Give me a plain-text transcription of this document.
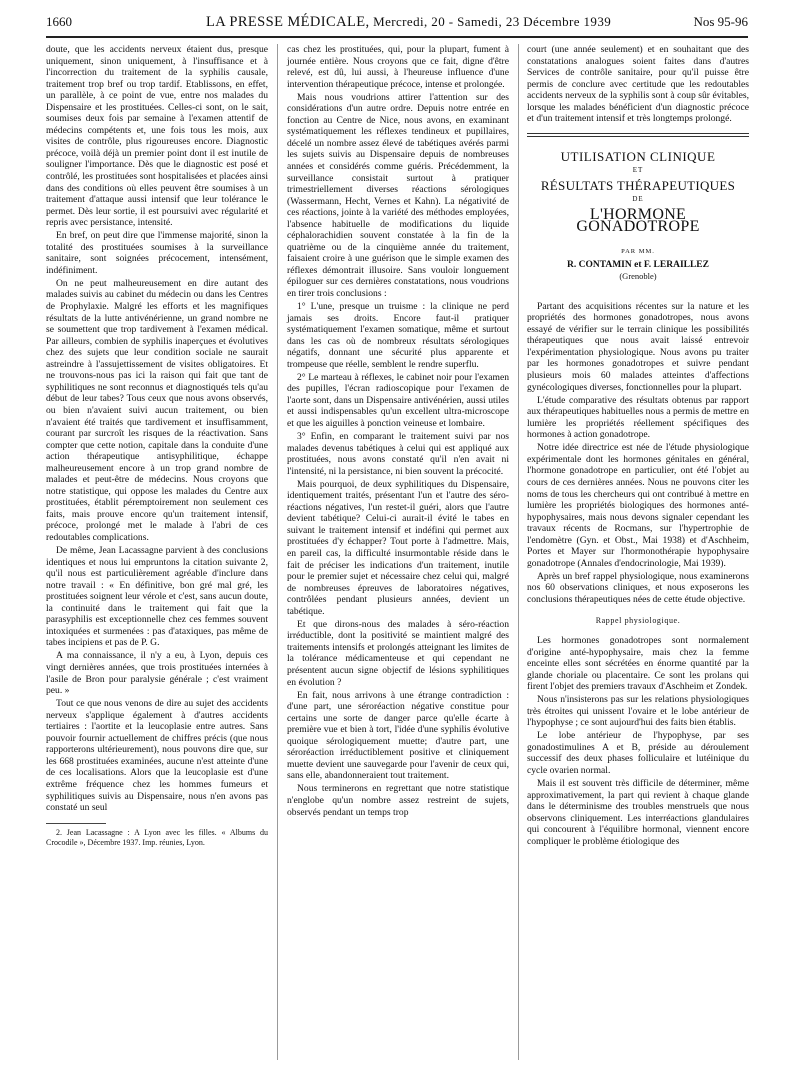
1660	LA PRESSE MÉDICALE, Mercredi, 20 - Samedi, 23 Décembre 1939	Nos 95-96

doute, que les accidents nerveux étaient dus, presque uniquement, sinon uniquement, à l'insuffisance et à l'incorrection du traitement de la syphilis causale, traitement trop bref ou trop tardif. Etablissons, en effet, un parallèle, à ce point de vue, entre nos malades du Dispensaire et les prostituées. Celles-ci sont, on le sait, soumises deux fois par semaine à l'examen attentif de médecins compétents et, une fois tous les mois, aux visites de contrôle, plus rigoureuses encore. Diagnostic précoce, voilà déjà un premier point dont il est inutile de souligner l'importance. Dès que le diagnostic est posé et contrôlé, les prostituées sont hospitalisées et placées ainsi dans des conditions où elles peuvent être soumises à un traitement d'attaque aussi intensif que leur tolérance le permet. Dès leur sortie, il est poursuivi avec régularité et repris avec persistance, intensité.

En bref, on peut dire que l'immense majorité, sinon la totalité des prostituées soumises à la surveillance sanitaire, sont soignées précocement, intensément, indéfiniment.

On ne peut malheureusement en dire autant des malades suivis au cabinet du médecin ou dans les Centres de Prophylaxie. Malgré les efforts et les magnifiques résultats de la lutte antivénérienne, un grand nombre ne se soumettent que trop tardivement à l'examen médical. Par ailleurs, combien de syphilis inaperçues et évolutives chez des sujets que leur condition sociale ne saurait astreindre à l'assujettissement de visites obligatoires. Et ne trouvons-nous pas ici la raison qui fait que tant de syphilitiques ne sont reconnus et diagnostiqués tels qu'au début de leur tabes? Tous ceux que nous avons observés, ou bien n'avaient suivi aucun traitement, ou bien n'avaient été traités que tardivement et insuffisamment, courant par surcroît les risques de la réactivation. Sans compter que cette notion, capitale dans la conduite d'une action thérapeutique antisyphilitique, échappe malheureusement encore à un trop grand nombre de malades et peut-être de médecins. Nous croyons que notre statistique, qui oppose les malades du Centre aux prostituées, établit péremptoirement non seulement ces faits, mais prouve encore qu'un traitement intensif, précoce, prolongé met le malade à l'abri de ces redoutables complications.

De même, Jean Lacassagne parvient à des conclusions identiques et nous lui empruntons la citation suivante 2, qu'il nous est particulièrement agréable d'inclure dans notre travail : « En définitive, bon gré mal gré, les prostituées soignent leur vérole et c'est, sans aucun doute, la continuité dans le traitement qui fait que la parasyphilis est exceptionnelle chez ces femmes souvent intoxiquées et surmenées : pas d'ataxiques, pas même de tabes incipiens et pas de P. G.

A ma connaissance, il n'y a eu, à Lyon, depuis ces vingt dernières années, que trois prostituées internées à l'asile de Bron pour paralysie générale ; c'est vraiment peu. »

Tout ce que nous venons de dire au sujet des accidents nerveux s'applique également à d'autres accidents tertiaires : l'aortite et la leucoplasie entre autres. Sans pouvoir fournir actuellement de chiffres précis (que nous rapporterons ultérieurement), nous pouvons dire que, sur les 668 prostituées examinées, aucune n'est atteinte d'une de ces localisations. Alors que la leucoplasie est d'une extrême fréquence chez les hommes fumeurs et syphilitiques suivis au Dispensaire, nous n'en avons pas constaté un seul

2. Jean Lacassagne : A Lyon avec les filles. « Albums du Crocodile », Décembre 1937. Imp. réunies, Lyon.

cas chez les prostituées, qui, pour la plupart, fument à journée entière. Nous croyons que ce fait, digne d'être relevé, est dû, lui aussi, à l'heureuse influence d'une intervention thérapeutique précoce, intense et prolongée.

Mais nous voudrions attirer l'attention sur des considérations d'un autre ordre. Depuis notre entrée en fonction au Centre de Nice, nous avons, en examinant systématiquement les réflexes tendineux et pupillaires, décelé un nombre assez élevé de tabétiques avérés parmi les sujets suivis au Dispensaire depuis de nombreuses années et considérés comme guéris. Précédemment, la surveillance consistait surtout à pratiquer trimestriellement diverses réactions sérologiques (Wassermann, Hecht, Vernes et Kahn). La négativité de ces réactions, jointe à la variété des méthodes employées, l'absence habituelle de modifications du liquide céphalorachidien souvent constatée à la fin de la quatrième ou de la cinquième année du traitement, faisaient croire à une guérison que le simple examen des réflexes démontrait illusoire. Sans vouloir longuement épiloguer sur ces dernières constatations, nous voudrions en tirer trois conclusions :

1° L'une, presque un truisme : la clinique ne perd jamais ses droits. Encore faut-il pratiquer systématiquement l'examen somatique, même et surtout dans les cas où de nombreux résultats sérologiques négatifs, donnant une sécurité plus apparente et trompeuse que réelle, semblent le rendre superflu.

2° Le marteau à réflexes, le cabinet noir pour l'examen des pupilles, l'écran radioscopique pour l'examen de l'aorte sont, dans un Dispensaire antivénérien, aussi utiles et aussi indispensables qu'un excellent ultra-microscope et que les aiguilles à ponction veineuse et lombaire.

3° Enfin, en comparant le traitement suivi par nos malades devenus tabétiques à celui qui est appliqué aux prostituées, nous avons constaté qu'il n'en avait ni l'intensité, ni la persistance, ni bien souvent la précocité.

Mais pourquoi, de deux syphilitiques du Dispensaire, identiquement traités, présentant l'un et l'autre des séro-réactions négatives, l'un restet-il guéri, alors que l'autre devient tabétique? Celui-ci aurait-il évité le tabes en suivant le traitement intensif et indéfini qui permet aux prostituées d'y échapper? Tout porte à l'admettre. Mais, en pareil cas, la difficulté insurmontable réside dans le fait de préciser les indications d'un traitement, inutile pour le premier sujet et nécessaire chez celui qui, malgré de nombreuses épreuves de laboratoires négatives, contrôlées pendant plusieurs années, devient un tabétique.

Et que dirons-nous des malades à séro-réaction irréductible, dont la positivité se maintient malgré des traitements intensifs et prolongés atteignant les limites de la tolérance médicamenteuse et qui cependant ne présentent aucun signe objectif de lésions syphilitiques en évolution ?

En fait, nous arrivons à une étrange contradiction : d'une part, une séroréaction négative constitue pour certains une sorte de danger parce qu'elle écarte à première vue et bien à tort, l'idée d'une syphilis évolutive quoique sérologiquement muette; d'autre part, une séroréaction irréductiblement positive et cliniquement muette devient une sauvegarde pour l'avenir de ceux qui, sans elle, abandonneraient tout traitement.

Nous terminerons en regrettant que notre statistique n'englobe qu'un nombre assez restreint de sujets, observés pendant un temps trop

court (une année seulement) et en souhaitant que des constatations analogues soient faites dans d'autres Services de contrôle sanitaire, pour qu'il puisse être permis de conclure avec certitude que les redoutables accidents nerveux de la syphilis sont à coup sûr évitables, lorsque les malades bénéficient d'un diagnostic précoce et d'un traitement intensif et très longtemps prolongé.

UTILISATION CLINIQUE
ET
RÉSULTATS THÉRAPEUTIQUES
DE
L'HORMONE GONADOTROPE
PAR MM.
R. CONTAMIN et F. LERAILLEZ
(Grenoble)

Partant des acquisitions récentes sur la nature et les propriétés des hormones gonadotropes, nous avons essayé de vérifier sur le terrain clinique les possibilités thérapeutiques que nous avait laissé entrevoir l'expérimentation physiologique. Nous avons pu traiter par les hormones gonadotropes et suivre pendant plusieurs mois 60 malades atteintes d'affections gynécologiques diverses, fonctionnelles pour la plupart.

L'étude comparative des résultats obtenus par rapport aux thérapeutiques habituelles nous a permis de mettre en lumière les propriétés réellement spécifiques des hormones à action gonadotrope.

Notre idée directrice est née de l'étude physiologique expérimentale dont les hormones génitales en général, l'hormone gonadotrope en particulier, ont été l'objet au cours de ces dernières années. Nous ne pouvons citer les noms de tous les chercheurs qui ont contribué à mettre en lumière les propriétés biologiques des hormones anté-hypophysaires, mais nous devons signaler cependant les travaux récents de Rocmans, sur l'hypertrophie de l'endomètre (Gyn. et Obst., Mai 1938) et d'Aschheim, Portes et Mayer sur l'hormonothérapie hypophysaire gonadotrope (Annales d'endocrinologie, Mai 1939).

Après un bref rappel physiologique, nous examinerons nos 60 observations cliniques, et nous exposerons les conclusions thérapeutiques nées de cette étude objective.

Rappel physiologique.

Les hormones gonadotropes sont normalement d'origine anté-hypophysaire, mais chez la femme enceinte elles sont sécrétées en énorme quantité par la glande choriale ou placentaire. Ce sont les prolans qui firent l'objet des premiers travaux d'Aschheim et Zondek.

Nous n'insisterons pas sur les relations physiologiques très étroites qui unissent l'ovaire et le lobe antérieur de l'hypophyse ; ce sont aujourd'hui des faits bien établis.

Le lobe antérieur de l'hypophyse, par ses gonadostimulines A et B, préside au déroulement successif des deux phases folliculaire et lutéinique du cycle ovarien normal.

Mais il est souvent très difficile de déterminer, même approximativement, la part qui revient à chaque glande dans le déterminisme des troubles menstruels que nous observons cliniquement. Les interréactions glandulaires qui concourent à l'équilibre hormonal, viennent encore compliquer le problème étiologique des
